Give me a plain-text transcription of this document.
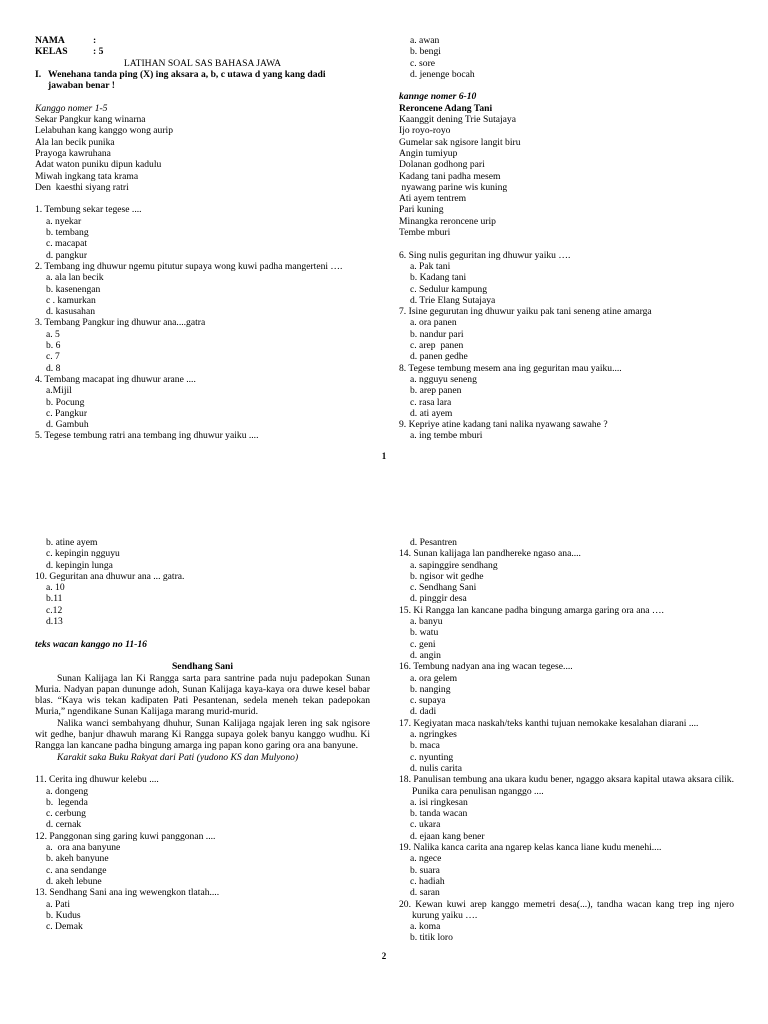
NAMA	:
KELAS	: 5
LATIHAN SOAL SAS BAHASA JAWA
I. Wenehana tanda ping (X) ing aksara a, b, c utawa d yang kang dadi
jawaban benar !
Kanggo nomer 1-5
Sekar Pangkur kang winarna
Lelabuhan kang kanggo wong aurip
Ala lan becik punika
Prayoga kawruhana
Adat waton puniku dipun kadulu
Miwah ingkang tata krama
Den  kaesthi siyang ratri
1. Tembung sekar tegese ....
a. nyekar
b. tembang
c. macapat
d. pangkur
2. Tembang ing dhuwur ngemu pitutur supaya wong kuwi padha mangerteni ….
a. ala lan becik
b. kasenengan
c . kamurkan
d. kasusahan
3. Tembang Pangkur ing dhuwur ana....gatra
a. 5
b. 6
c. 7
d. 8
4. Tembang macapat ing dhuwur arane ....
a.Mijil
b. Pocung
c. Pangkur
d. Gambuh
5. Tegese tembung ratri ana tembang ing dhuwur yaiku ....
a. awan
b. bengi
c. sore
d. jenenge bocah
kannge nomer 6-10
Reroncene Adang Tani
Kaanggit dening Trie Sutajaya
Ijo royo-royo
Gumelar sak ngisore langit biru
Angin tumiyup
Dolanan godhong pari
Kadang tani padha mesem
nyawang parine wis kuning
Ati ayem tentrem
Pari kuning
Minangka reroncene urip
Tembe mburi
6. Sing nulis geguritan ing dhuwur yaiku ….
a. Pak tani
b. Kadang tani
c. Sedulur kampung
d. Trie Elang Sutajaya
7. Isine gegurutan ing dhuwur yaiku pak tani seneng atine amarga
a. ora panen
b. nandur pari
c. arep  panen
d. panen gedhe
8. Tegese tembung mesem ana ing geguritan mau yaiku....
a. ngguyu seneng
b. arep panen
c. rasa lara
d. ati ayem
9. Kepriye atine kadang tani nalika nyawang sawahe ?
a. ing tembe mburi
1
b. atine ayem
c. kepingin ngguyu
d. kepingin lunga
10. Geguritan ana dhuwur ana ... gatra.
a. 10
b.11
c.12
d.13
teks wacan kanggo no 11-16
Sendhang Sani
Sunan Kalijaga lan Ki Rangga sarta para santrine pada nuju padepokan Sunan Muria. Nadyan papan dununge adoh, Sunan Kalijaga kaya-kaya ora duwe kesel babar blas. “Kaya wis tekan kadipaten Pati Pesantenan, sedela meneh tekan padepokan Muria,” ngendikane Sunan Kalijaga marang murid-murid.
Nalika wanci sembahyang dhuhur, Sunan Kalijaga ngajak leren ing sak ngisore wit gedhe, banjur dhawuh marang Ki Rangga supaya golek banyu kanggo wudhu. Ki Rangga lan kancane padha bingung amarga ing papan kono garing ora ana banyune.
Karakit saka Buku Rakyat dari Pati (yudono KS dan Mulyono)
11. Cerita ing dhuwur kelebu ....
a. dongeng
b.  legenda
c. cerbung
d. cernak
12. Panggonan sing garing kuwi panggonan ....
a.  ora ana banyune
b. akeh banyune
c. ana sendange
d. akeh lebune
13. Sendhang Sani ana ing wewengkon tlatah....
a. Pati
b. Kudus
c. Demak
d. Pesantren
14. Sunan kalijaga lan pandhereke ngaso ana....
a. sapinggire sendhang
b. ngisor wit gedhe
c. Sendhang Sani
d. pinggir desa
15. Ki Rangga lan kancane padha bingung amarga garing ora ana ….
a. banyu
b. watu
c. geni
d. angin
16. Tembung nadyan ana ing wacan tegese....
a. ora gelem
b. nanging
c. supaya
d. dadi
17. Kegiyatan maca naskah/teks kanthi tujuan nemokake kesalahan diarani ....
a. ngringkes
b. maca
c. nyunting
d. nulis carita
18. Panulisan tembung ana ukara kudu bener, ngaggo aksara kapital utawa aksara cilik. Punika cara penulisan nganggo ....
a. isi ringkesan
b. tanda wacan
c. ukara
d. ejaan kang bener
19. Nalika kanca carita ana ngarep kelas kanca liane kudu menehi....
a. ngece
b. suara
c. hadiah
d. saran
20. Kewan kuwi arep kanggo memetri desa(...), tandha wacan kang trep ing njero kurung yaiku ….
a. koma
b. titik loro
2
